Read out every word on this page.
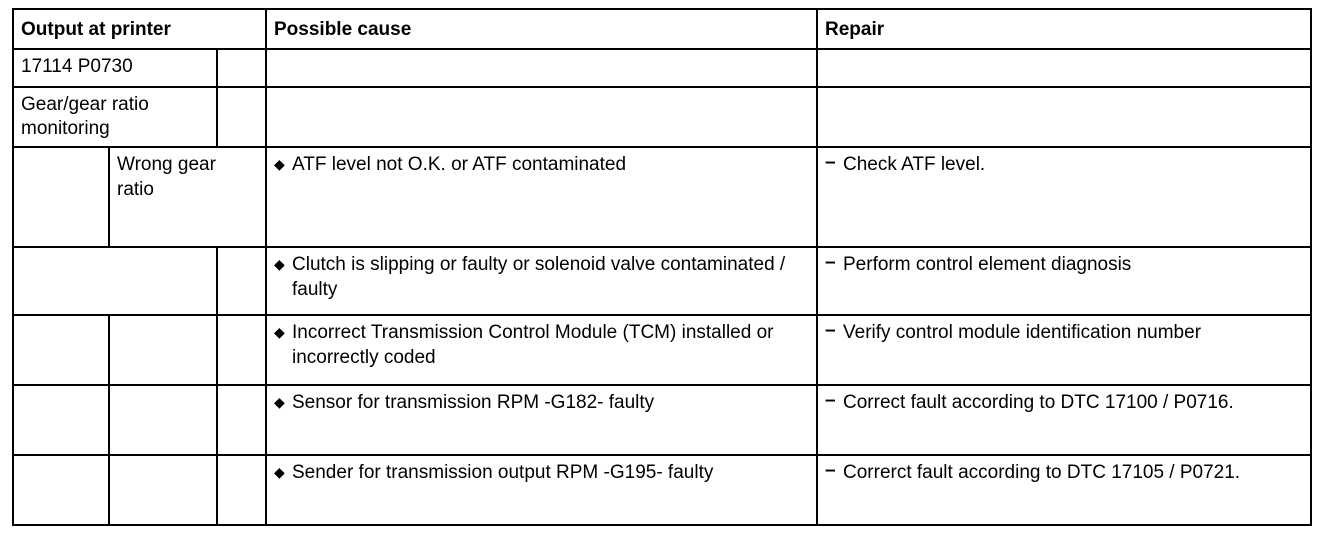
Output at printer			Possible cause	Repair
17114 P0730				
Gear/gear ratio monitoring				
	Wrong gear ratio		◆ ATF level not O.K. or ATF contaminated	– Check ATF level.

			◆ Clutch is slipping or faulty or solenoid valve contaminated / faulty	– Perform control element diagnosis

			◆ Incorrect Transmission Control Module (TCM) installed or incorrectly coded	– Verify control module identification number

			◆ Sensor for transmission RPM -G182- faulty	– Correct fault according to DTC 17100 / P0716.

			◆ Sender for transmission output RPM -G195- faulty	– Correrct fault according to DTC 17105 / P0721.
